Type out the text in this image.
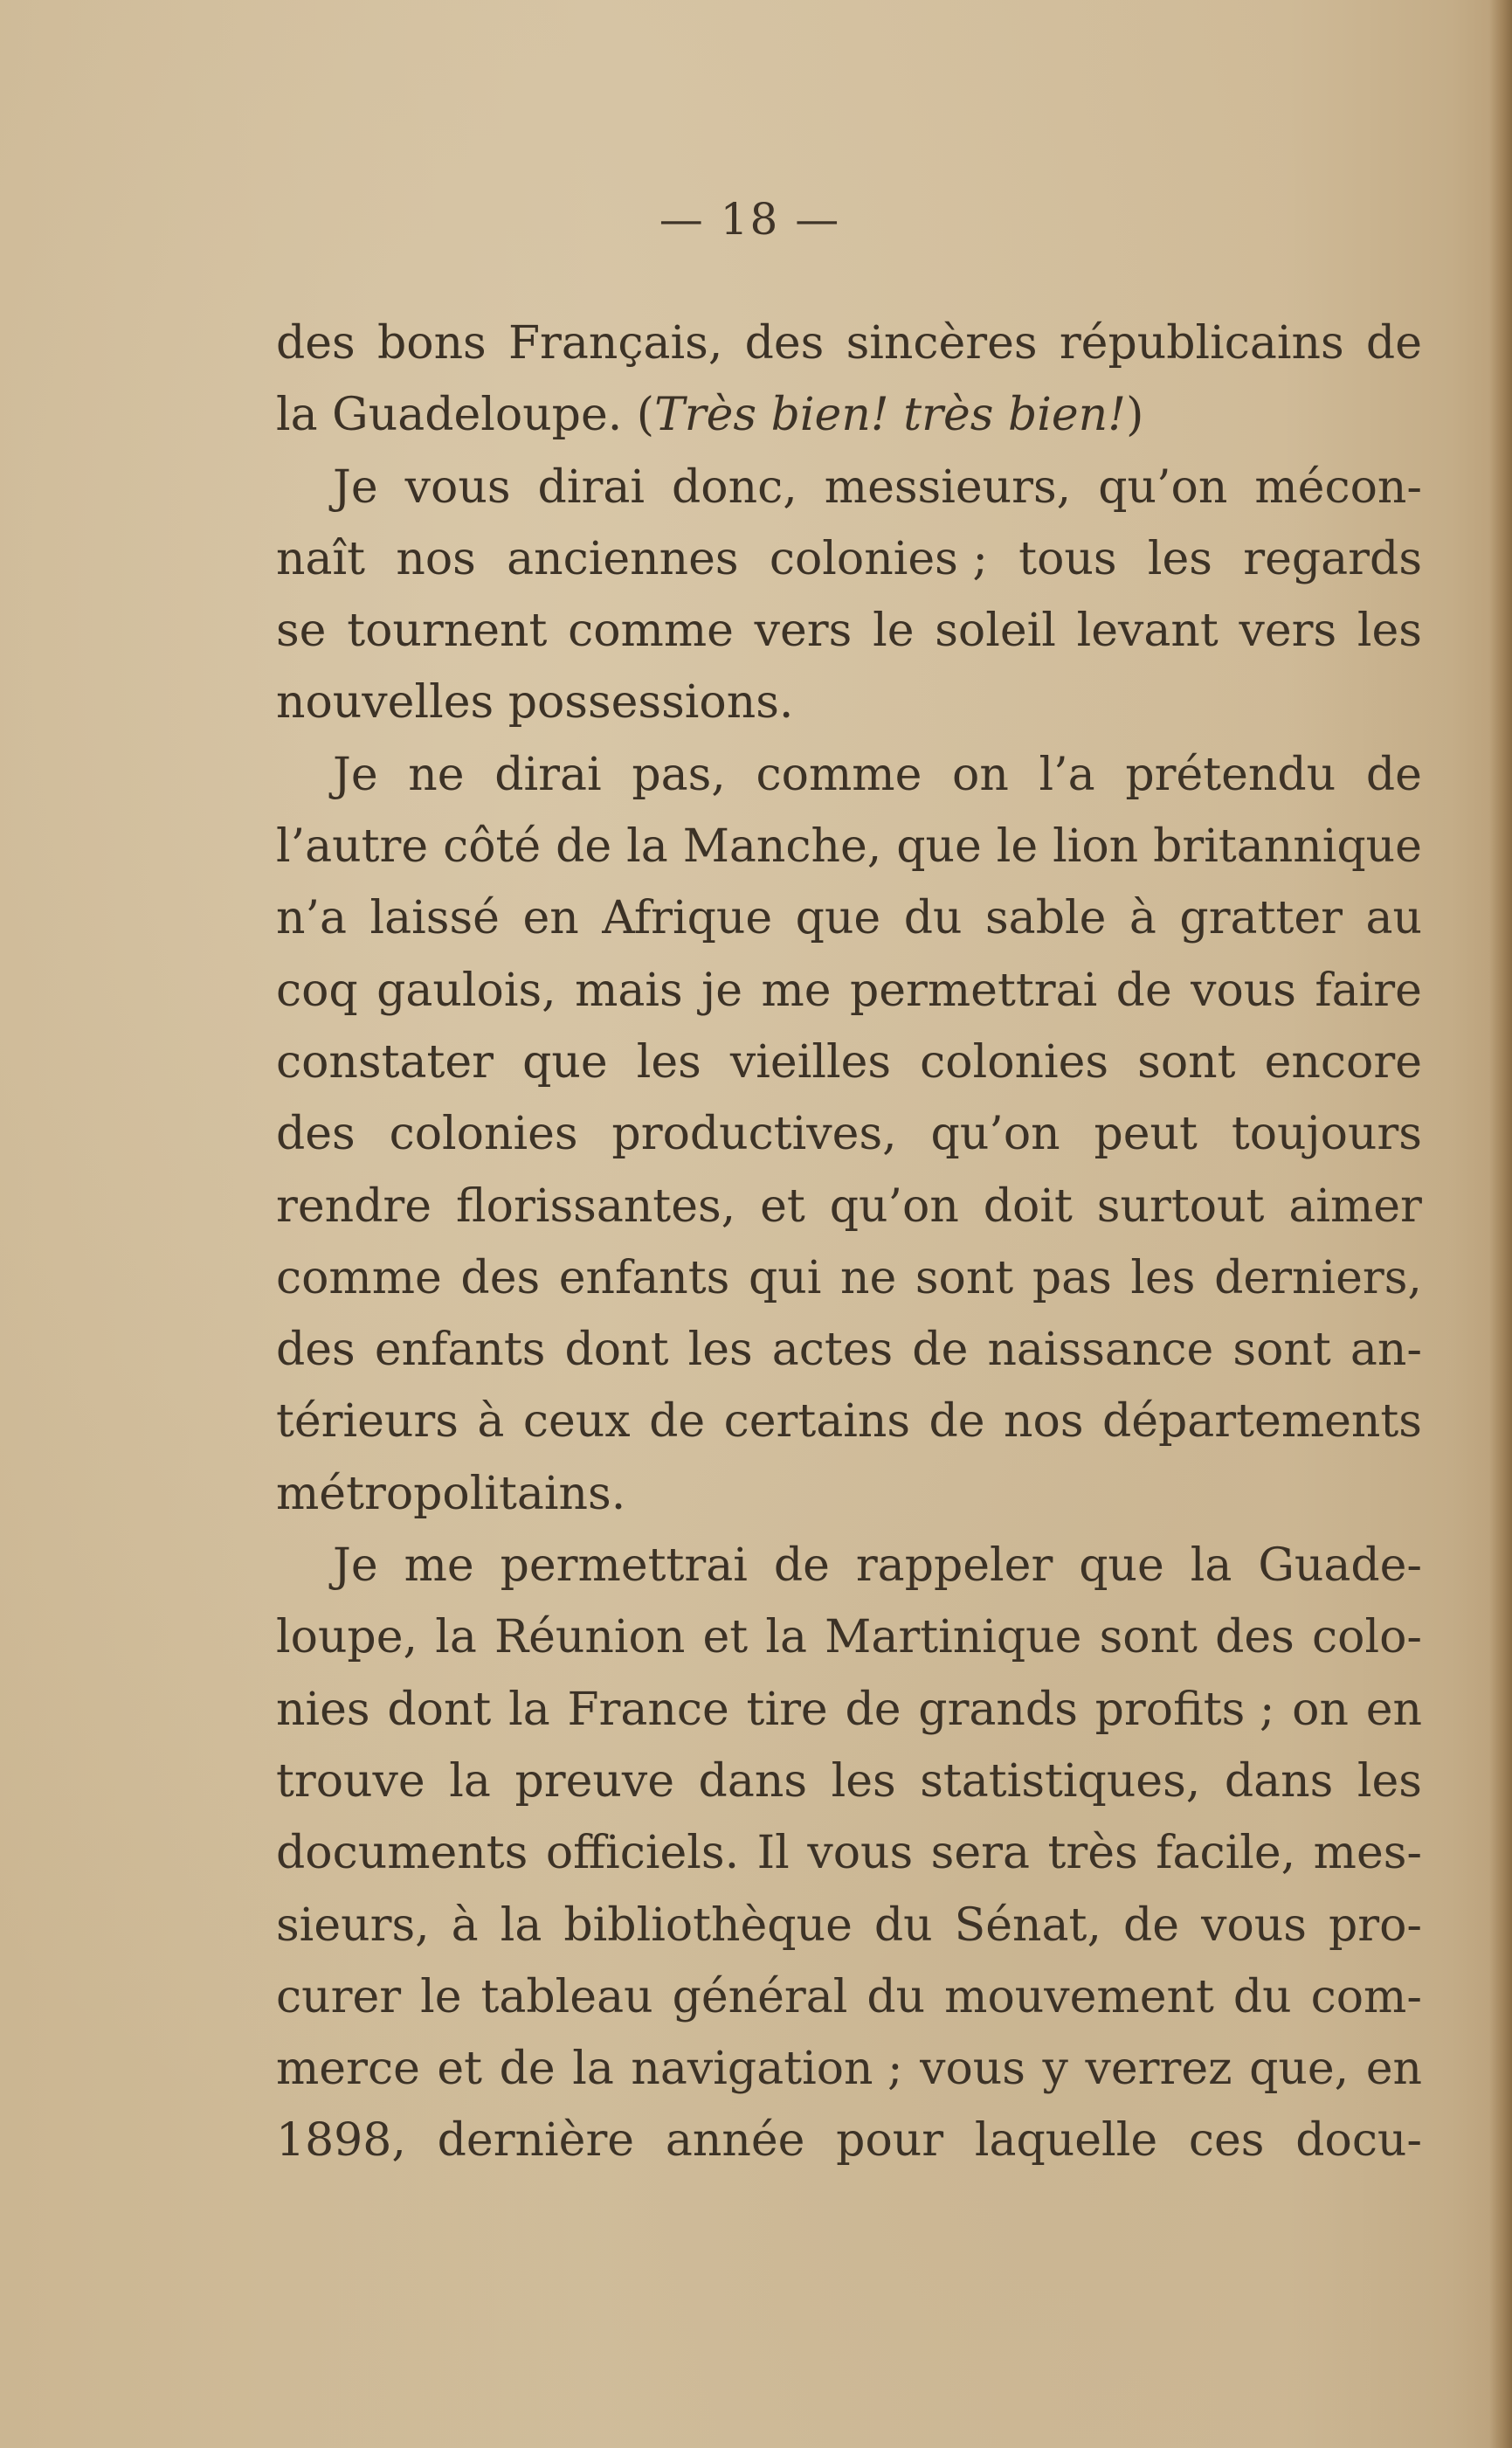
— 18 —
des bons Français, des sincères républicains de
la Guadeloupe. (Très bien! très bien!)
Je vous dirai donc, messieurs, qu’on mécon-
naît nos anciennes colonies ; tous les regards
se tournent comme vers le soleil levant vers les
nouvelles possessions.
Je ne dirai pas, comme on l’a prétendu de
l’autre côté de la Manche, que le lion britannique
n’a laissé en Afrique que du sable à gratter au
coq gaulois, mais je me permettrai de vous faire
constater que les vieilles colonies sont encore
des colonies productives, qu’on peut toujours
rendre florissantes, et qu’on doit surtout aimer
comme des enfants qui ne sont pas les derniers,
des enfants dont les actes de naissance sont an-
térieurs à ceux de certains de nos départements
métropolitains.
Je me permettrai de rappeler que la Guade-
loupe, la Réunion et la Martinique sont des colo-
nies dont la France tire de grands profits ; on en
trouve la preuve dans les statistiques, dans les
documents officiels. Il vous sera très facile, mes-
sieurs, à la bibliothèque du Sénat, de vous pro-
curer le tableau général du mouvement du com-
merce et de la navigation ; vous y verrez que, en
1898, dernière année pour laquelle ces docu-
